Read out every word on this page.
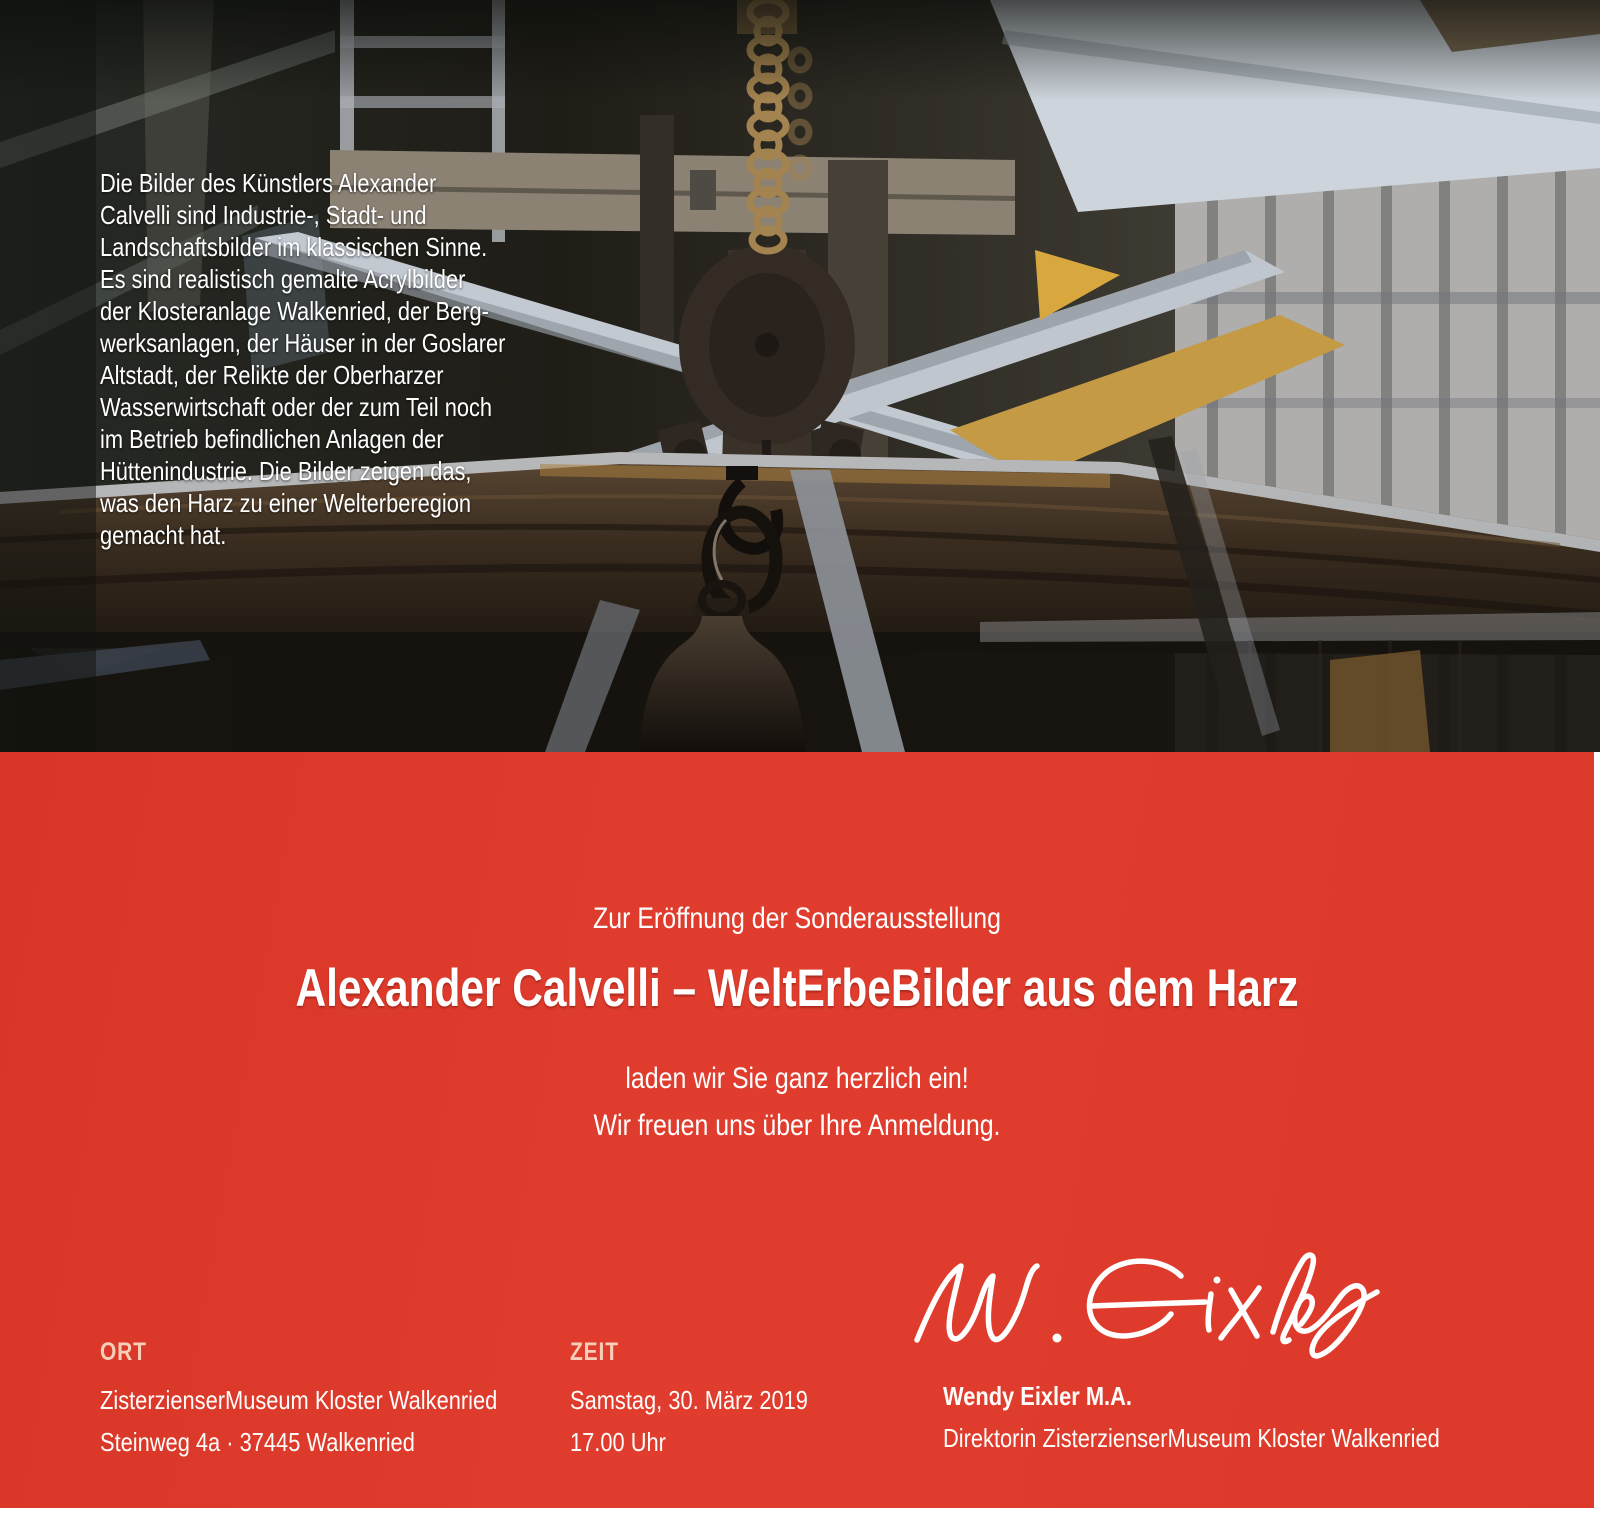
Die Bilder des Künstlers Alexander
Calvelli sind Industrie-, Stadt- und
Landschaftsbilder im klassischen Sinne.
Es sind realistisch gemalte Acrylbilder
der Klosteranlage Walkenried, der Berg-
werksanlagen, der Häuser in der Goslarer
Altstadt, der Relikte der Oberharzer
Wasserwirtschaft oder der zum Teil noch
im Betrieb befindlichen Anlagen der
Hüttenindustrie. Die Bilder zeigen das,
was den Harz zu einer Welterberegion
gemacht hat.
Zur Eröffnung der Sonderausstellung
Alexander Calvelli – WeltErbeBilder aus dem Harz
laden wir Sie ganz herzlich ein!
Wir freuen uns über Ihre Anmeldung.
ORT
ZisterzienserMuseum Kloster Walkenried
Steinweg 4a · 37445 Walkenried
ZEIT
Samstag, 30. März 2019
17.00 Uhr
Wendy Eixler M.A.
Direktorin ZisterzienserMuseum Kloster Walkenried
